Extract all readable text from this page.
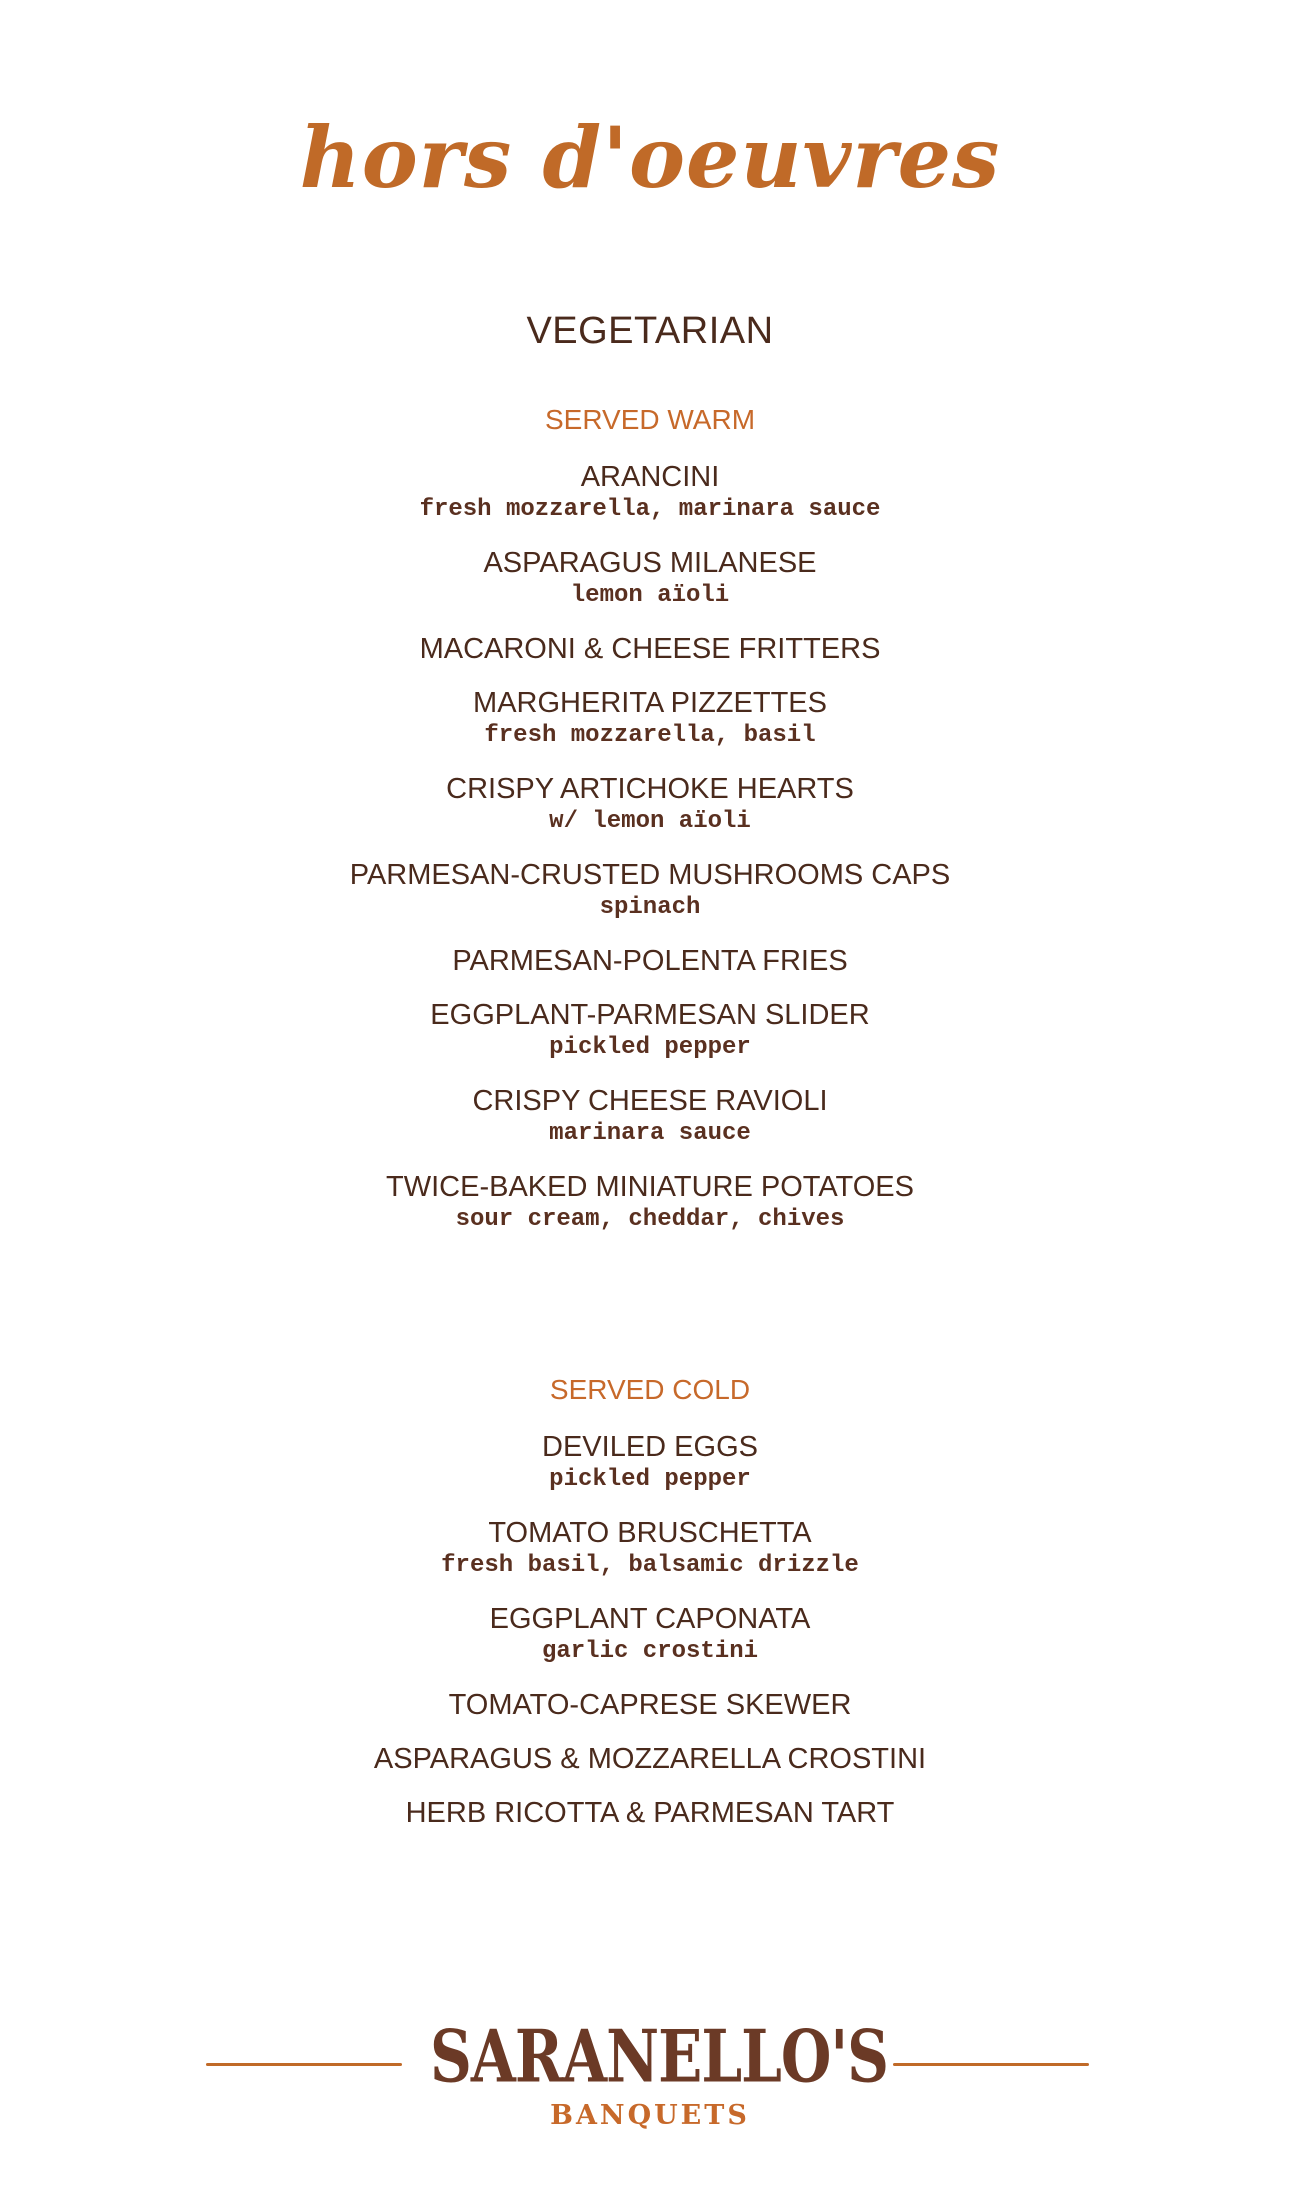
hors d'oeuvres
VEGETARIAN
SERVED WARM
ARANCINI
fresh mozzarella, marinara sauce
ASPARAGUS MILANESE
lemon aïoli
MACARONI & CHEESE FRITTERS
MARGHERITA PIZZETTES
fresh mozzarella, basil
CRISPY ARTICHOKE HEARTS
w/ lemon aïoli
PARMESAN-CRUSTED MUSHROOMS CAPS
spinach
PARMESAN-POLENTA FRIES
EGGPLANT-PARMESAN SLIDER
pickled pepper
CRISPY CHEESE RAVIOLI
marinara sauce
TWICE-BAKED MINIATURE POTATOES
sour cream, cheddar, chives
SERVED COLD
DEVILED EGGS
pickled pepper
TOMATO BRUSCHETTA
fresh basil, balsamic drizzle
EGGPLANT CAPONATA
garlic crostini
TOMATO-CAPRESE SKEWER
ASPARAGUS & MOZZARELLA CROSTINI
HERB RICOTTA & PARMESAN TART
SARANELLO'S
BANQUETS
